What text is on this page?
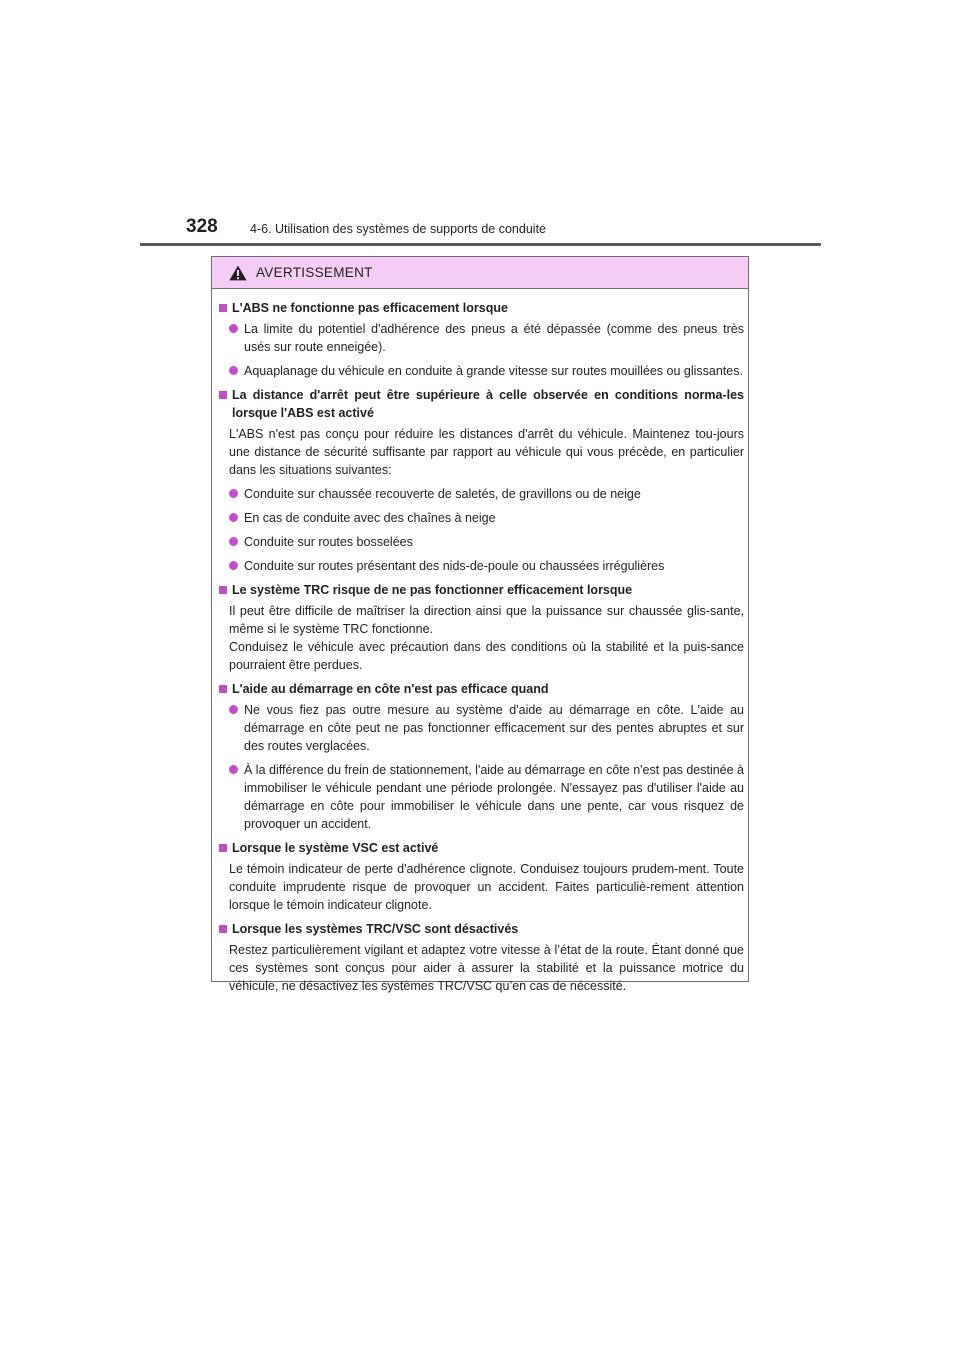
328	4-6. Utilisation des systèmes de supports de conduite
AVERTISSEMENT
L'ABS ne fonctionne pas efficacement lorsque
La limite du potentiel d'adhérence des pneus a été dépassée (comme des pneus très usés sur route enneigée).
Aquaplanage du véhicule en conduite à grande vitesse sur routes mouillées ou glissantes.
La distance d'arrêt peut être supérieure à celle observée en conditions norma-les lorsque l'ABS est activé
L'ABS n'est pas conçu pour réduire les distances d'arrêt du véhicule. Maintenez tou-jours une distance de sécurité suffisante par rapport au véhicule qui vous précède, en particulier dans les situations suivantes:
Conduite sur chaussée recouverte de saletés, de gravillons ou de neige
En cas de conduite avec des chaînes à neige
Conduite sur routes bosselées
Conduite sur routes présentant des nids-de-poule ou chaussées irrégulières
Le système TRC risque de ne pas fonctionner efficacement lorsque
Il peut être difficile de maîtriser la direction ainsi que la puissance sur chaussée glis-sante, même si le système TRC fonctionne.
Conduisez le véhicule avec précaution dans des conditions où la stabilité et la puis-sance pourraient être perdues.
L'aide au démarrage en côte n'est pas efficace quand
Ne vous fiez pas outre mesure au système d'aide au démarrage en côte. L'aide au démarrage en côte peut ne pas fonctionner efficacement sur des pentes abruptes et sur des routes verglacées.
À la différence du frein de stationnement, l'aide au démarrage en côte n'est pas destinée à immobiliser le véhicule pendant une période prolongée. N'essayez pas d'utiliser l'aide au démarrage en côte pour immobiliser le véhicule dans une pente, car vous risquez de provoquer un accident.
Lorsque le système VSC est activé
Le témoin indicateur de perte d'adhérence clignote. Conduisez toujours prudem-ment. Toute conduite imprudente risque de provoquer un accident. Faites particuliè-rement attention lorsque le témoin indicateur clignote.
Lorsque les systèmes TRC/VSC sont désactivés
Restez particulièrement vigilant et adaptez votre vitesse à l’état de la route. Étant donné que ces systèmes sont conçus pour aider à assurer la stabilité et la puissance motrice du véhicule, ne désactivez les systèmes TRC/VSC qu’en cas de nécessité.
